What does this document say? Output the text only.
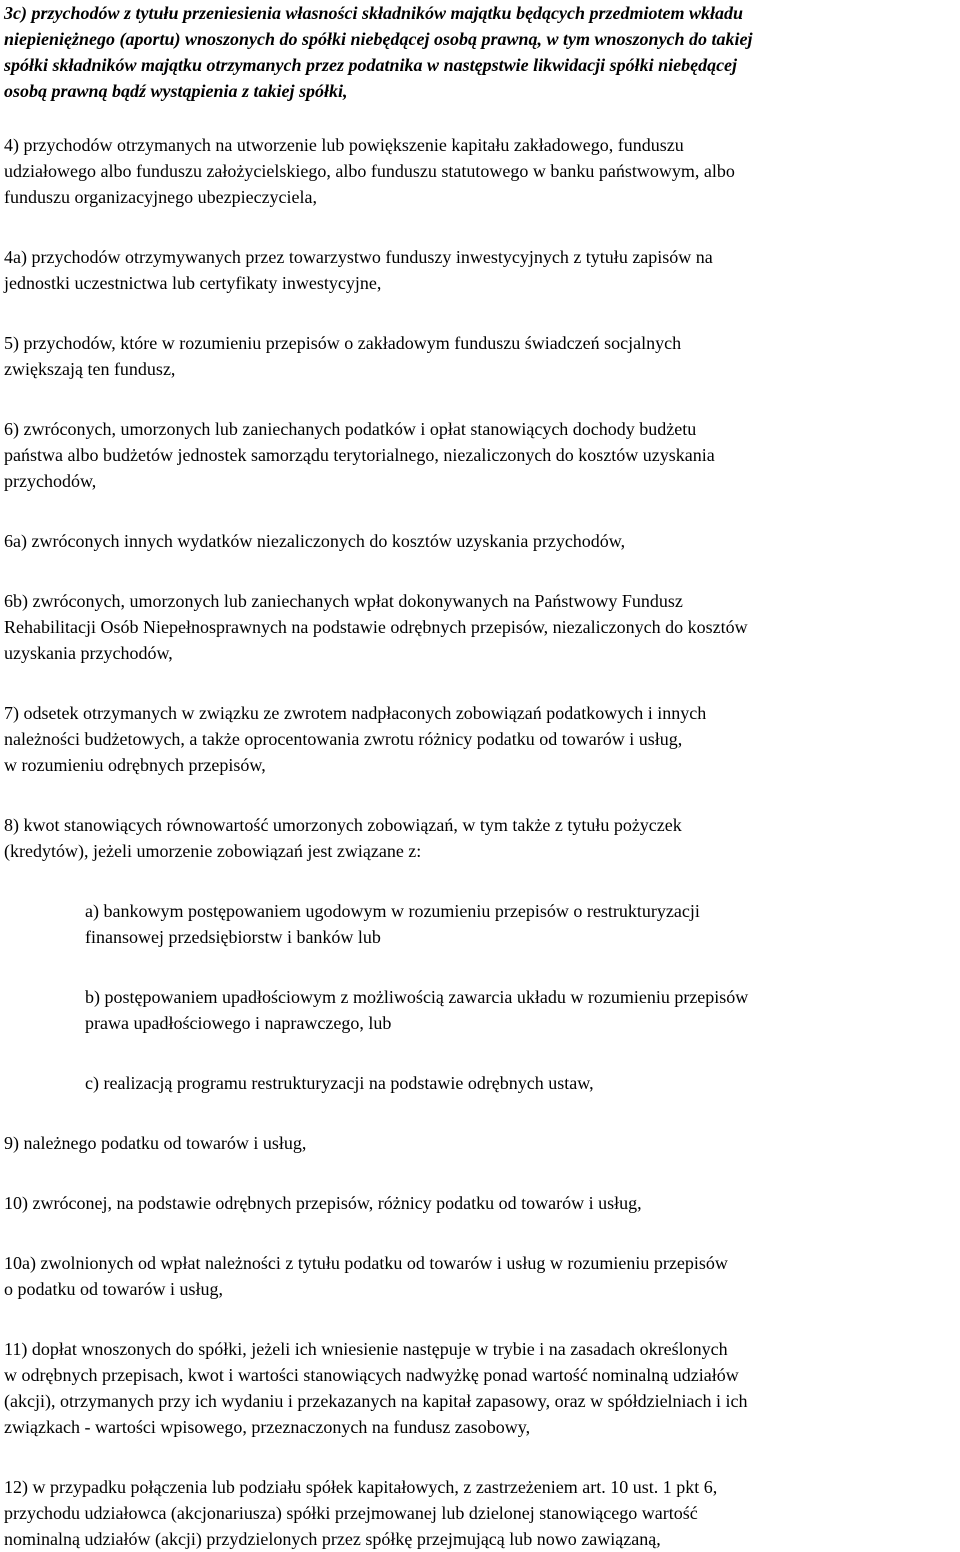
3c) przychodów z tytułu przeniesienia własności składników majątku będących przedmiotem wkładu
niepieniężnego (aportu) wnoszonych do spółki niebędącej osobą prawną, w tym wnoszonych do takiej
spółki składników majątku otrzymanych przez podatnika w następstwie likwidacji spółki niebędącej
osobą prawną bądź wystąpienia z takiej spółki,

4) przychodów otrzymanych na utworzenie lub powiększenie kapitału zakładowego, funduszu
udziałowego albo funduszu założycielskiego, albo funduszu statutowego w banku państwowym, albo
funduszu organizacyjnego ubezpieczyciela,

4a) przychodów otrzymywanych przez towarzystwo funduszy inwestycyjnych z tytułu zapisów na
jednostki uczestnictwa lub certyfikaty inwestycyjne,

5) przychodów, które w rozumieniu przepisów o zakładowym funduszu świadczeń socjalnych
zwiększają ten fundusz,

6) zwróconych, umorzonych lub zaniechanych podatków i opłat stanowiących dochody budżetu
państwa albo budżetów jednostek samorządu terytorialnego, niezaliczonych do kosztów uzyskania
przychodów,

6a) zwróconych innych wydatków niezaliczonych do kosztów uzyskania przychodów,

6b) zwróconych, umorzonych lub zaniechanych wpłat dokonywanych na Państwowy Fundusz
Rehabilitacji Osób Niepełnosprawnych na podstawie odrębnych przepisów, niezaliczonych do kosztów
uzyskania przychodów,

7) odsetek otrzymanych w związku ze zwrotem nadpłaconych zobowiązań podatkowych i innych
należności budżetowych, a także oprocentowania zwrotu różnicy podatku od towarów i usług,
w rozumieniu odrębnych przepisów,

8) kwot stanowiących równowartość umorzonych zobowiązań, w tym także z tytułu pożyczek
(kredytów), jeżeli umorzenie zobowiązań jest związane z:

a) bankowym postępowaniem ugodowym w rozumieniu przepisów o restrukturyzacji
finansowej przedsiębiorstw i banków lub

b) postępowaniem upadłościowym z możliwością zawarcia układu w rozumieniu przepisów
prawa upadłościowego i naprawczego, lub

c) realizacją programu restrukturyzacji na podstawie odrębnych ustaw,

9) należnego podatku od towarów i usług,

10) zwróconej, na podstawie odrębnych przepisów, różnicy podatku od towarów i usług,

10a) zwolnionych od wpłat należności z tytułu podatku od towarów i usług w rozumieniu przepisów
o podatku od towarów i usług,

11) dopłat wnoszonych do spółki, jeżeli ich wniesienie następuje w trybie i na zasadach określonych
w odrębnych przepisach, kwot i wartości stanowiących nadwyżkę ponad wartość nominalną udziałów
(akcji), otrzymanych przy ich wydaniu i przekazanych na kapitał zapasowy, oraz w spółdzielniach i ich
związkach - wartości wpisowego, przeznaczonych na fundusz zasobowy,

12) w przypadku połączenia lub podziału spółek kapitałowych, z zastrzeżeniem art. 10 ust. 1 pkt 6,
przychodu udziałowca (akcjonariusza) spółki przejmowanej lub dzielonej stanowiącego wartość
nominalną udziałów (akcji) przydzielonych przez spółkę przejmującą lub nowo zawiązaną,
